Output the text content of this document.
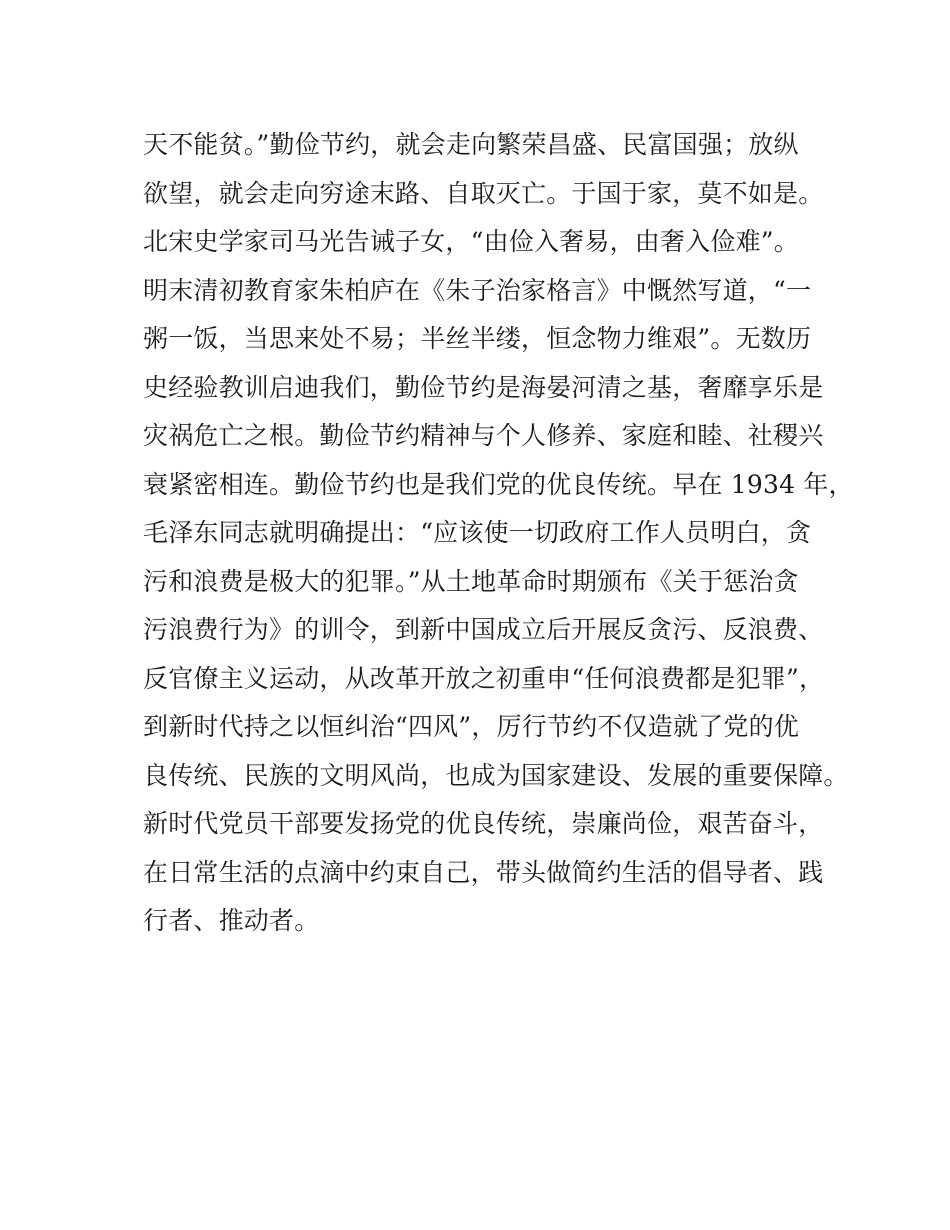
天不能贫。”勤俭节约，就会走向繁荣昌盛、民富国强；放纵
欲望，就会走向穷途末路、自取灭亡。于国于家，莫不如是。
北宋史学家司马光告诫子女，“由俭入奢易，由奢入俭难”。
明末清初教育家朱柏庐在《朱子治家格言》中慨然写道，“一
粥一饭，当思来处不易；半丝半缕，恒念物力维艰”。无数历
史经验教训启迪我们，勤俭节约是海晏河清之基，奢靡享乐是
灾祸危亡之根。勤俭节约精神与个人修养、家庭和睦、社稷兴
衰紧密相连。勤俭节约也是我们党的优良传统。早在 1934 年，
毛泽东同志就明确提出：“应该使一切政府工作人员明白，贪
污和浪费是极大的犯罪。”从土地革命时期颁布《关于惩治贪
污浪费行为》的训令，到新中国成立后开展反贪污、反浪费、
反官僚主义运动，从改革开放之初重申“任何浪费都是犯罪”，
到新时代持之以恒纠治“四风”，厉行节约不仅造就了党的优
良传统、民族的文明风尚，也成为国家建设、发展的重要保障。
新时代党员干部要发扬党的优良传统，崇廉尚俭，艰苦奋斗，
在日常生活的点滴中约束自己，带头做简约生活的倡导者、践
行者、推动者。
